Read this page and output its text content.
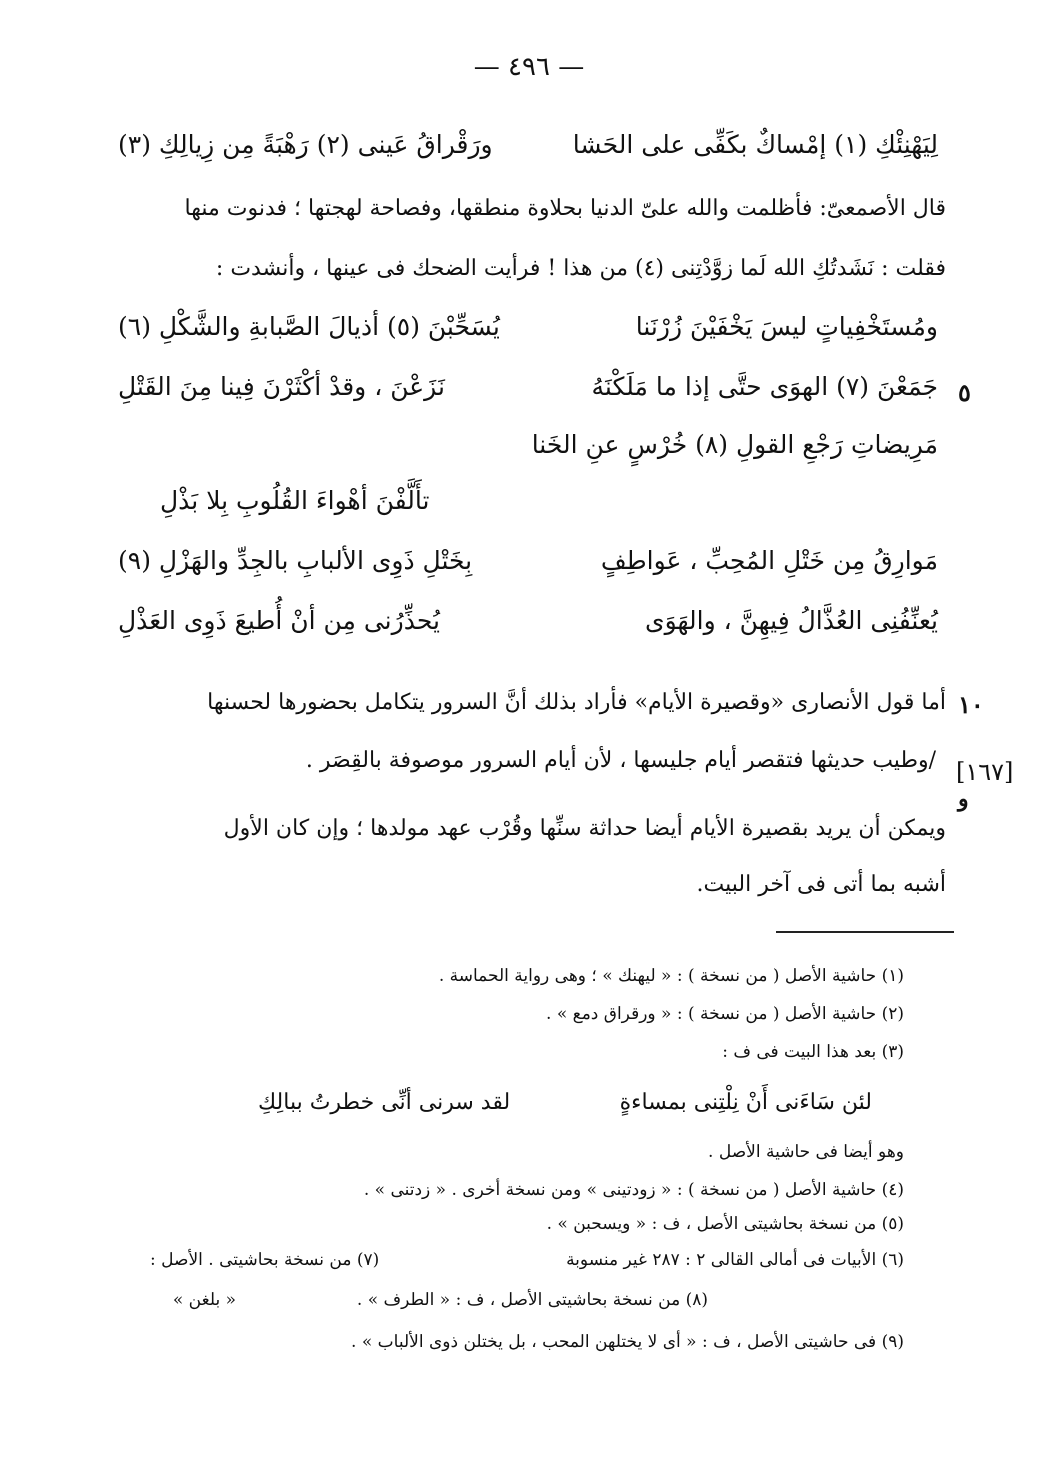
— ٤٩٦ —
لِيَهْنِئْكِ (١) إمْساكٌ بكَفِّى على الحَشا
ورَقْراقُ عَينى (٢) رَهْبَةً مِن زِيالِكِ (٣)
قال الأصمعىّ: فأظلمت والله علىّ الدنيا بحلاوة منطقها، وفصاحة لهجتها ؛ فدنوت منها
فقلت : نَشَدتُكِ الله لَما زوَّدْتِنى (٤) من هذا ! فرأيت الضحك فى عينها ، وأنشدت :
ومُستَخْفِياتٍ ليسَ يَخْفَيْنَ زُرْنَنا
يُسَحِّبْنَ (٥) أذيالَ الصَّبابةِ والشَّكْلِ (٦)
جَمَعْنَ (٧) الهوَى حتَّى إذا ما مَلَكْنَهُ
نَزَعْنَ ، وقدْ أكْثَرْنَ فِينا مِنَ القَتْلِ	٥
مَرِيضاتِ رَجْعِ القولِ (٨) خُرْسٍ عنِ الخَنا
تأَلَّفْنَ أهْواءَ القُلُوبِ بِلا بَذْلِ
مَوارِقُ مِن خَتْلِ المُحِبِّ ، عَواطِفٍ
بِخَتْلِ ذَوِى الألبابِ بالجِدِّ والهَزْلِ (٩)
يُعنِّفُنِى العُذَّالُ فِيهِنَّ ، والهَوَى
يُحذِّرُنى مِن أنْ أُطيعَ ذَوِى العَذْلِ
١٠
أما قول الأنصارى «وقصيرة الأيام» فأراد بذلك أنَّ السرور يتكامل بحضورها لحسنها
[١٦٧]
و
/وطيب حديثها فتقصر أيام جليسها ، لأن أيام السرور موصوفة بالقِصَر .
ويمكن أن يريد بقصيرة الأيام أيضا حداثة سنِّها وقُرْب عهد مولدها ؛ وإن كان الأول
أشبه بما أتى فى آخر البيت.
(١) حاشية الأصل ( من نسخة ) : « ليهنك » ؛ وهى رواية الحماسة .
(٢) حاشية الأصل ( من نسخة ) : « ورقراق دمع » .
(٣) بعد هذا البيت فى ف :
لئن سَاءَنى أَنْ نِلْتِنى بمساءةٍ
لقد سرنى أنِّى خطرتُ ببالِكِ
وهو أيضا فى حاشية الأصل .
(٤) حاشية الأصل ( من نسخة ) : « زودتينى » ومن نسخة أخرى . « زدتنى » .
(٥) من نسخة بحاشيتى الأصل ، ف : « ويسحبن » .
(٦) الأبيات فى أمالى القالى ٢ : ٢٨٧ غير منسوبة
(٧) من نسخة بحاشيتى . الأصل :
« بلغن »	(٨) من نسخة بحاشيتى الأصل ، ف : « الطرف » .
(٩) فى حاشيتى الأصل ، ف : « أى لا يختلهن المحب ، بل يختلن ذوى الألباب » .
